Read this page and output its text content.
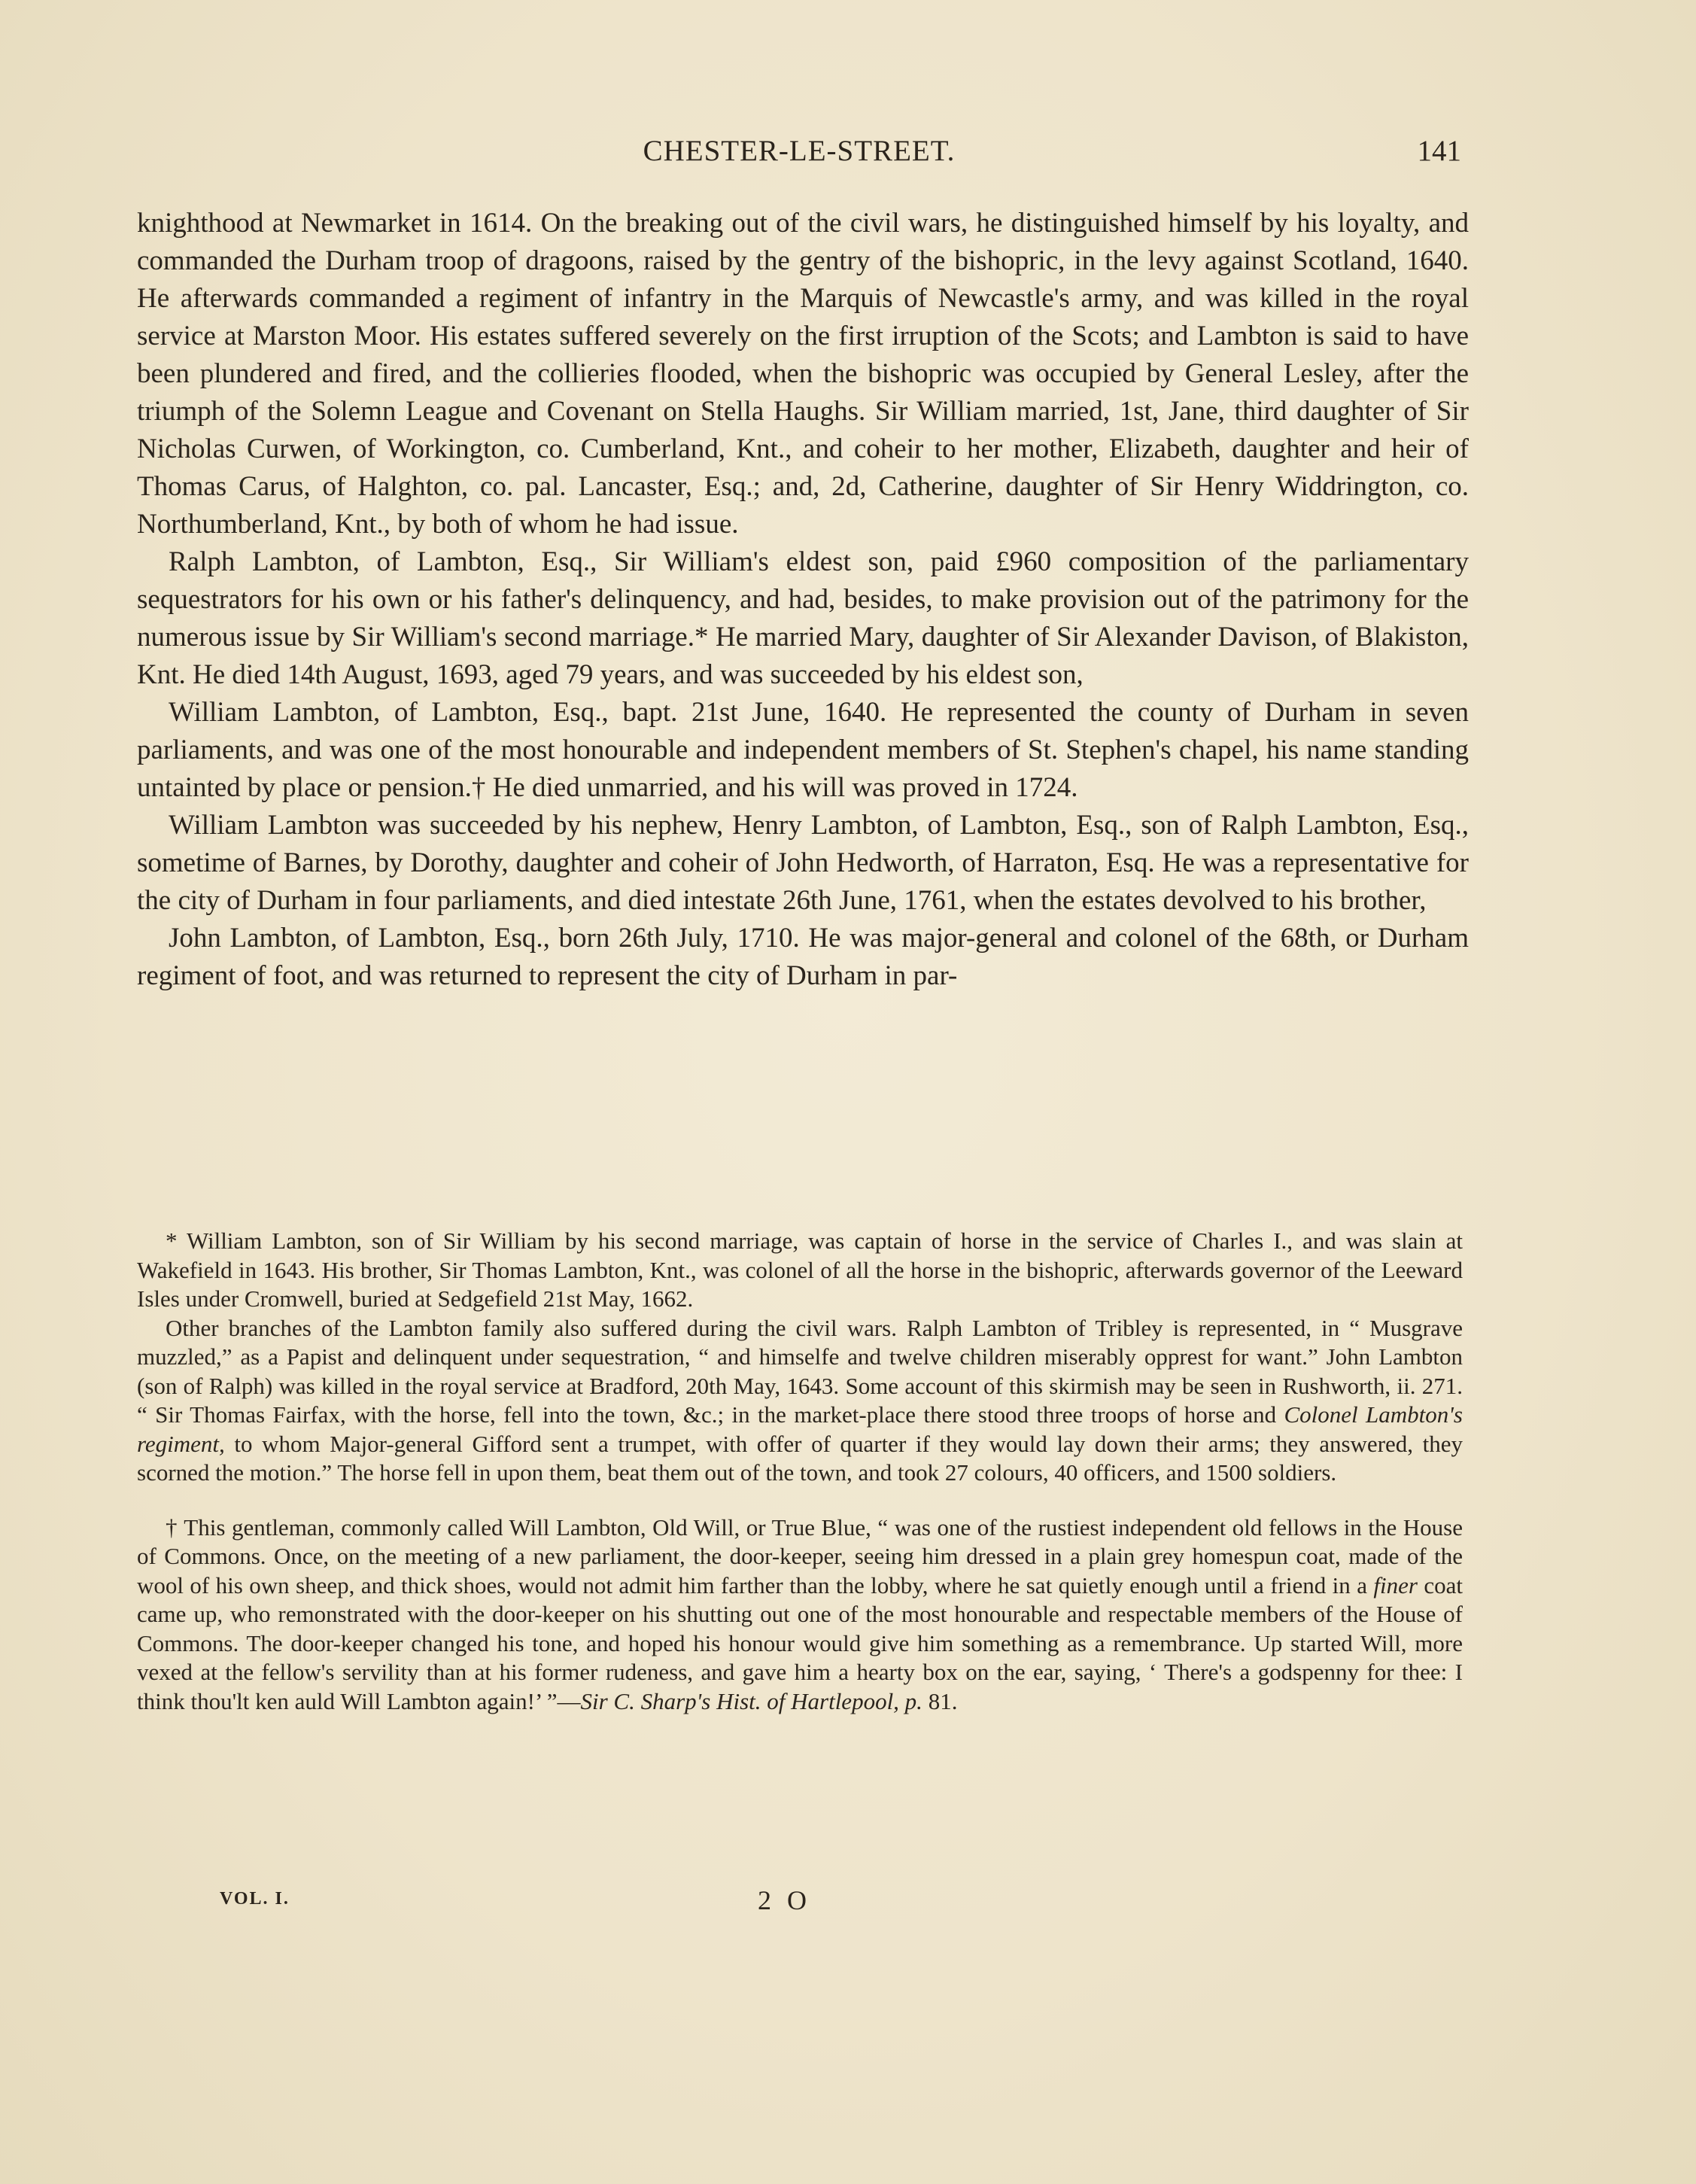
CHESTER-LE-STREET.	141

knighthood at Newmarket in 1614. On the breaking out of the civil wars, he distinguished himself by his loyalty, and commanded the Durham troop of dragoons, raised by the gentry of the bishopric, in the levy against Scotland, 1640. He afterwards commanded a regiment of infantry in the Marquis of Newcastle's army, and was killed in the royal service at Marston Moor. His estates suffered severely on the first irruption of the Scots; and Lambton is said to have been plundered and fired, and the collieries flooded, when the bishopric was occupied by General Lesley, after the triumph of the Solemn League and Covenant on Stella Haughs. Sir William married, 1st, Jane, third daughter of Sir Nicholas Curwen, of Workington, co. Cumberland, Knt., and coheir to her mother, Elizabeth, daughter and heir of Thomas Carus, of Halghton, co. pal. Lancaster, Esq.; and, 2d, Catherine, daughter of Sir Henry Widdrington, co. Northumberland, Knt., by both of whom he had issue.

Ralph Lambton, of Lambton, Esq., Sir William's eldest son, paid £960 composition of the parliamentary sequestrators for his own or his father's delinquency, and had, besides, to make provision out of the patrimony for the numerous issue by Sir William's second marriage.* He married Mary, daughter of Sir Alexander Davison, of Blakiston, Knt. He died 14th August, 1693, aged 79 years, and was succeeded by his eldest son,

William Lambton, of Lambton, Esq., bapt. 21st June, 1640. He represented the county of Durham in seven parliaments, and was one of the most honourable and independent members of St. Stephen's chapel, his name standing untainted by place or pension.† He died unmarried, and his will was proved in 1724.

William Lambton was succeeded by his nephew, Henry Lambton, of Lambton, Esq., son of Ralph Lambton, Esq., sometime of Barnes, by Dorothy, daughter and coheir of John Hedworth, of Harraton, Esq. He was a representative for the city of Durham in four parliaments, and died intestate 26th June, 1761, when the estates devolved to his brother,

John Lambton, of Lambton, Esq., born 26th July, 1710. He was major-general and colonel of the 68th, or Durham regiment of foot, and was returned to represent the city of Durham in par-

* William Lambton, son of Sir William by his second marriage, was captain of horse in the service of Charles I., and was slain at Wakefield in 1643. His brother, Sir Thomas Lambton, Knt., was colonel of all the horse in the bishopric, afterwards governor of the Leeward Isles under Cromwell, buried at Sedgefield 21st May, 1662.

Other branches of the Lambton family also suffered during the civil wars. Ralph Lambton of Tribley is represented, in “ Musgrave muzzled,” as a Papist and delinquent under sequestration, “ and himselfe and twelve children miserably opprest for want.” John Lambton (son of Ralph) was killed in the royal service at Bradford, 20th May, 1643. Some account of this skirmish may be seen in Rushworth, ii. 271. “ Sir Thomas Fairfax, with the horse, fell into the town, &c.; in the market-place there stood three troops of horse and Colonel Lambton's regiment, to whom Major-general Gifford sent a trumpet, with offer of quarter if they would lay down their arms; they answered, they scorned the motion.” The horse fell in upon them, beat them out of the town, and took 27 colours, 40 officers, and 1500 soldiers.

† This gentleman, commonly called Will Lambton, Old Will, or True Blue, “ was one of the rustiest independent old fellows in the House of Commons. Once, on the meeting of a new parliament, the door-keeper, seeing him dressed in a plain grey homespun coat, made of the wool of his own sheep, and thick shoes, would not admit him farther than the lobby, where he sat quietly enough until a friend in a finer coat came up, who remonstrated with the door-keeper on his shutting out one of the most honourable and respectable members of the House of Commons. The door-keeper changed his tone, and hoped his honour would give him something as a remembrance. Up started Will, more vexed at the fellow's servility than at his former rudeness, and gave him a hearty box on the ear, saying, ‘ There's a godspenny for thee: I think thou'lt ken auld Will Lambton again!’ ”—Sir C. Sharp's Hist. of Hartlepool, p. 81.

VOL. I.	2 O
